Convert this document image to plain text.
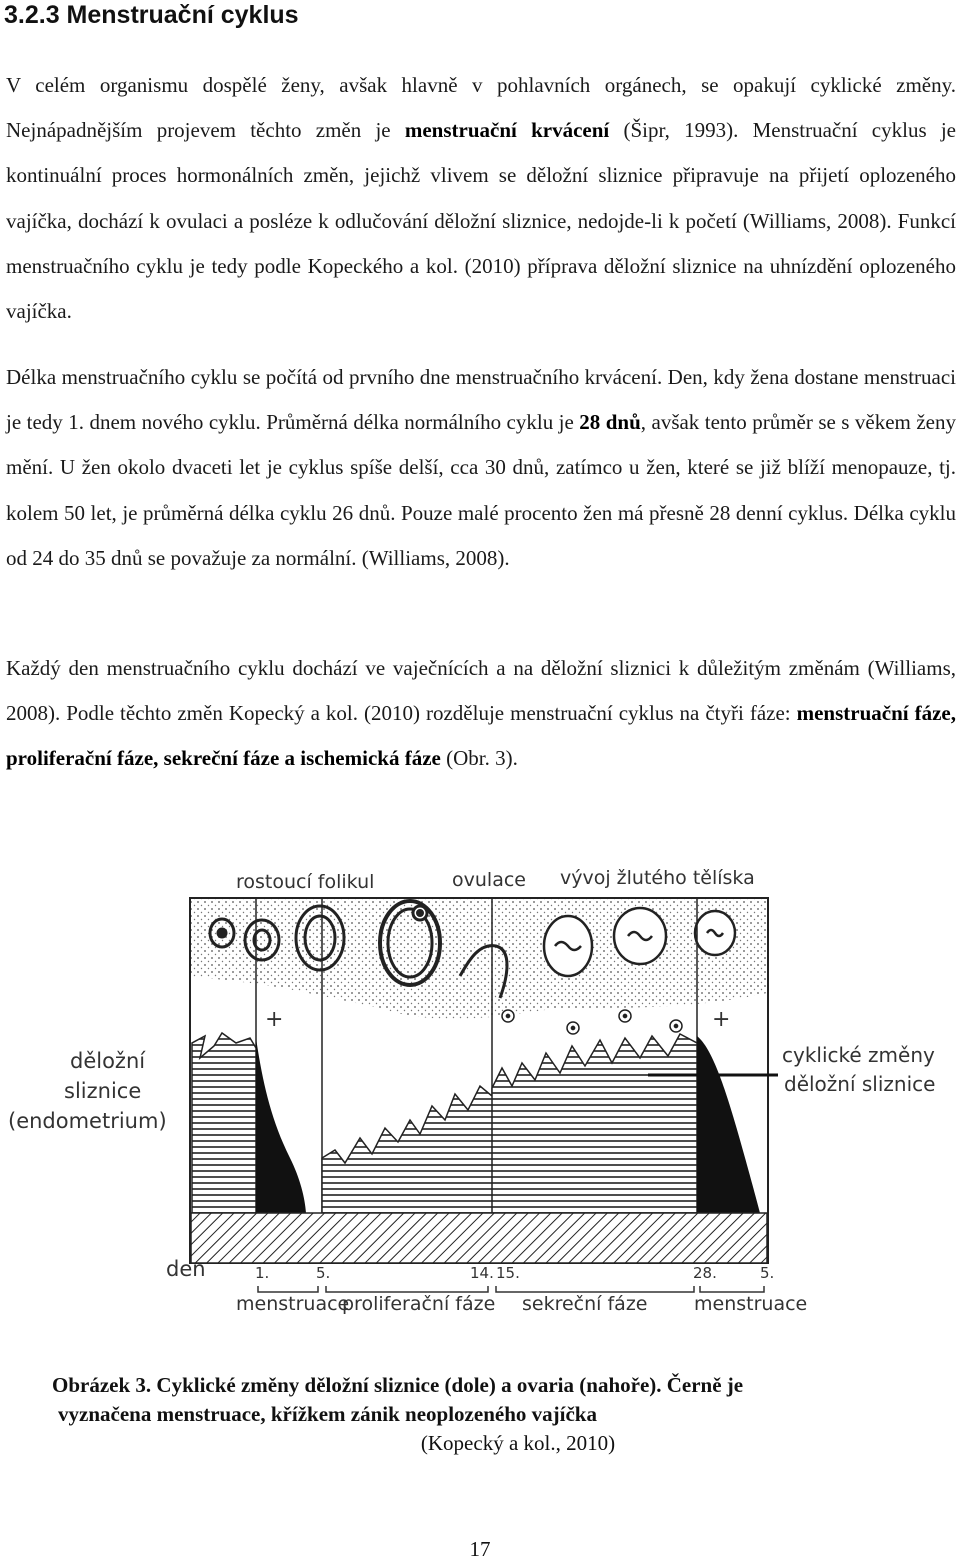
3.2.3 Menstruační cyklus

V celém organismu dospělé ženy, avšak hlavně v pohlavních orgánech, se opakují cyklické změny. Nejnápadnějším projevem těchto změn je menstruační krvácení (Šipr, 1993). Menstruační cyklus je kontinuální proces hormonálních změn, jejichž vlivem se děložní sliznice připravuje na přijetí oplozeného vajíčka, dochází k ovulaci a posléze k odlučování děložní sliznice, nedojde-li k početí (Williams, 2008). Funkcí menstruačního cyklu je tedy podle Kopeckého a kol. (2010) příprava děložní sliznice na uhnízdění oplozeného vajíčka.

Délka menstruačního cyklu se počítá od prvního dne menstruačního krvácení. Den, kdy žena dostane menstruaci je tedy 1. dnem nového cyklu. Průměrná délka normálního cyklu je 28 dnů, avšak tento průměr se s věkem ženy mění. U žen okolo dvaceti let je cyklus spíše delší, cca 30 dnů, zatímco u žen, které se již blíží menopauze, tj. kolem 50 let, je průměrná délka cyklu 26 dnů. Pouze malé procento žen má přesně 28 denní cyklus. Délka cyklu od 24 do 35 dnů se považuje za normální. (Williams, 2008).

Každý den menstruačního cyklu dochází ve vaječnících a na děložní sliznici k důležitým změnám (Williams, 2008). Podle těchto změn Kopecký a kol. (2010) rozděluje menstruační cyklus na čtyři fáze: menstruační fáze, proliferační fáze, sekreční fáze a ischemická fáze (Obr. 3).

+	+
rostoucí folikul	ovulace vývoj žlutého tělíska
děložní
sliznice
(endometrium)
cyklické změny
děložní sliznice
den	1.	5.	14. 15.	28.	5.
menstruace
proliferační fáze sekreční fáze menstruace

Obrázek 3. Cyklické změny děložní sliznice (dole) a ovaria (nahoře). Černě je

vyznačena menstruace, křížkem zánik neoplozeného vajíčka

(Kopecký a kol., 2010)

17
